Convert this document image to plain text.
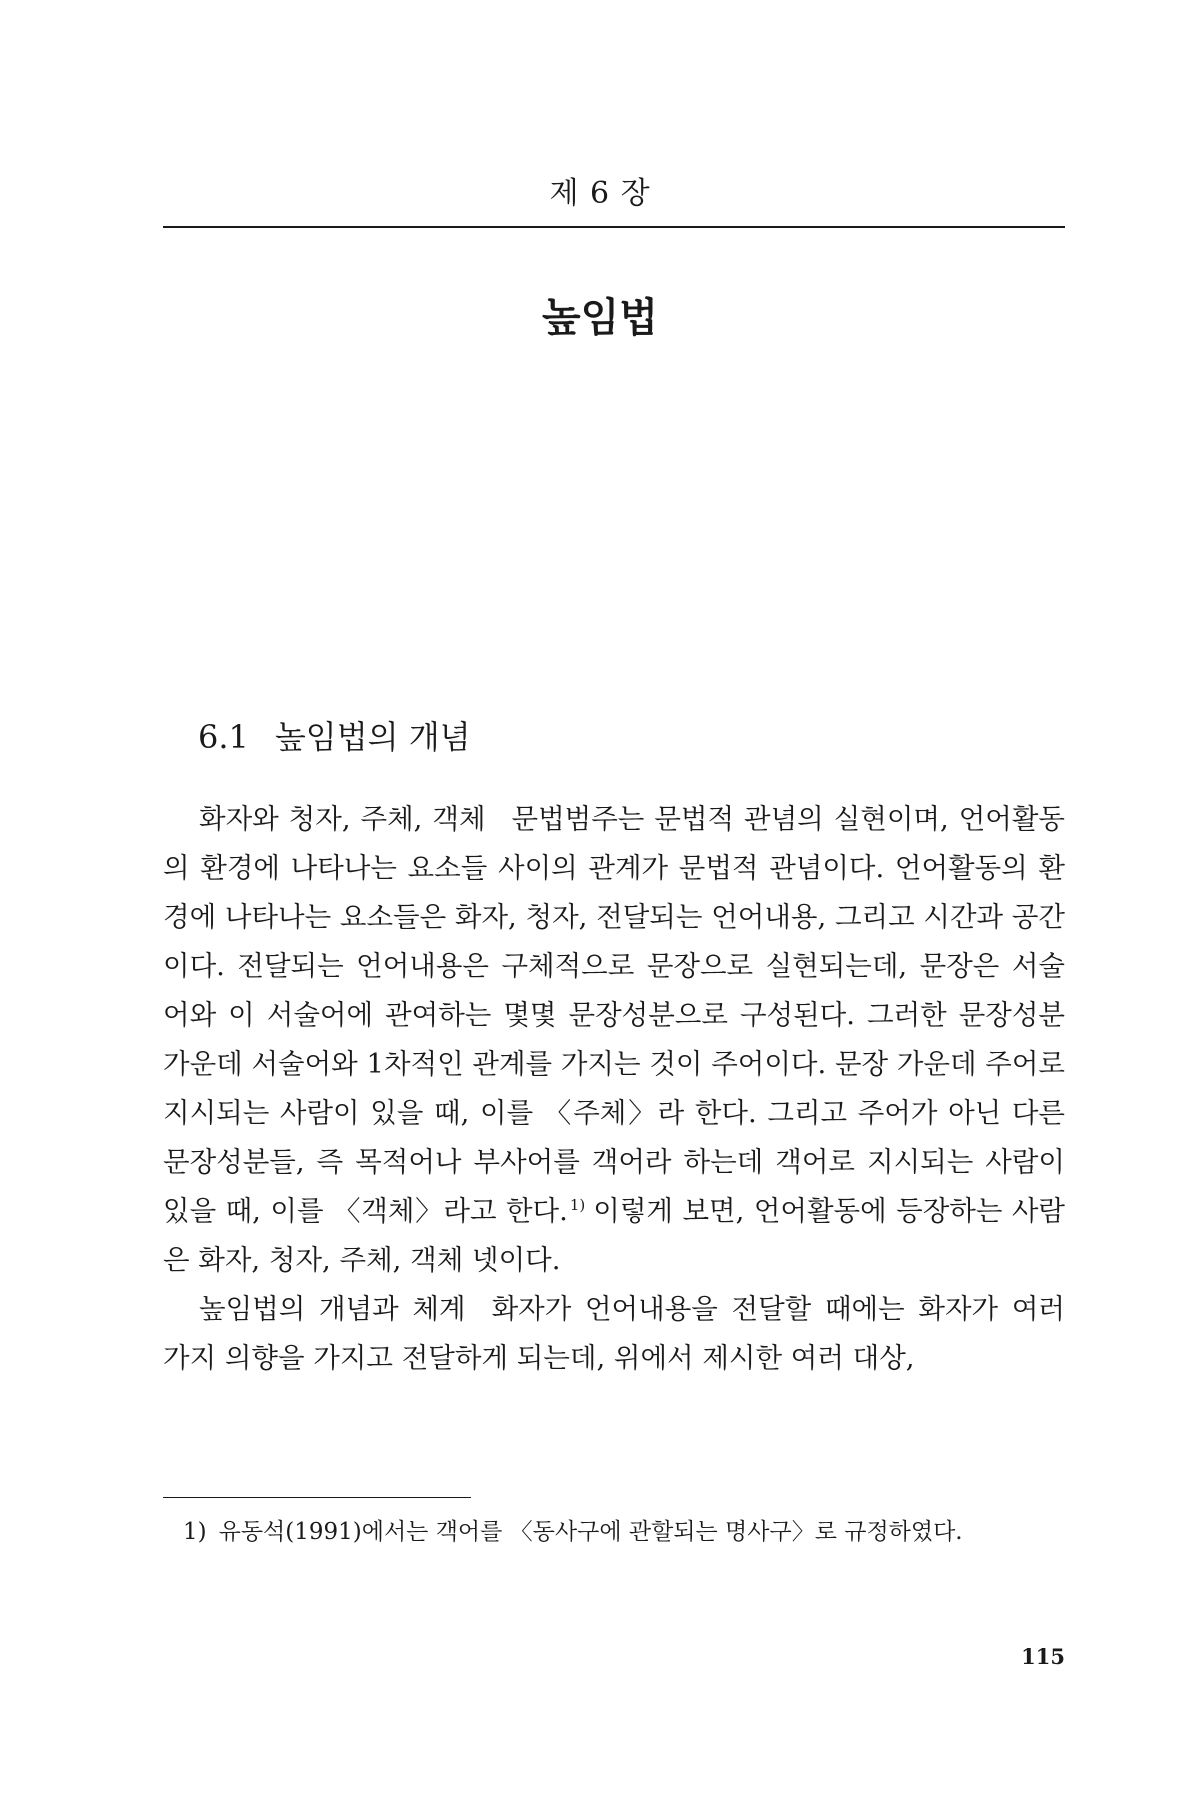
제 6 장
높임법
6.1 높임법의 개념

화자와 청자, 주체, 객체 문법범주는 문법적 관념의 실현이며, 언어활동의 환경에 나타나는 요소들 사이의 관계가 문법적 관념이다. 언어활동의 환경에 나타나는 요소들은 화자, 청자, 전달되는 언어내용, 그리고 시간과 공간이다. 전달되는 언어내용은 구체적으로 문장으로 실현되는데, 문장은 서술어와 이 서술어에 관여하는 몇몇 문장성분으로 구성된다. 그러한 문장성분 가운데 서술어와 1차적인 관계를 가지는 것이 주어이다. 문장 가운데 주어로 지시되는 사람이 있을 때, 이를 〈주체〉라 한다. 그리고 주어가 아닌 다른 문장성분들, 즉 목적어나 부사어를 객어라 하는데 객어로 지시되는 사람이 있을 때, 이를 〈객체〉라고 한다. $^{1)}$ 이렇게 보면, 언어활동에 등장하는 사람은 화자, 청자, 주체, 객체 넷이다.

높임법의 개념과 체계 화자가 언어내용을 전달할 때에는 화자가 여러 가지 의향을 가지고 전달하게 되는데, 위에서 제시한 여러 대상,

1) 유동석(1991)에서는 객어를 〈동사구에 관할되는 명사구〉로 규정하였다.
115
